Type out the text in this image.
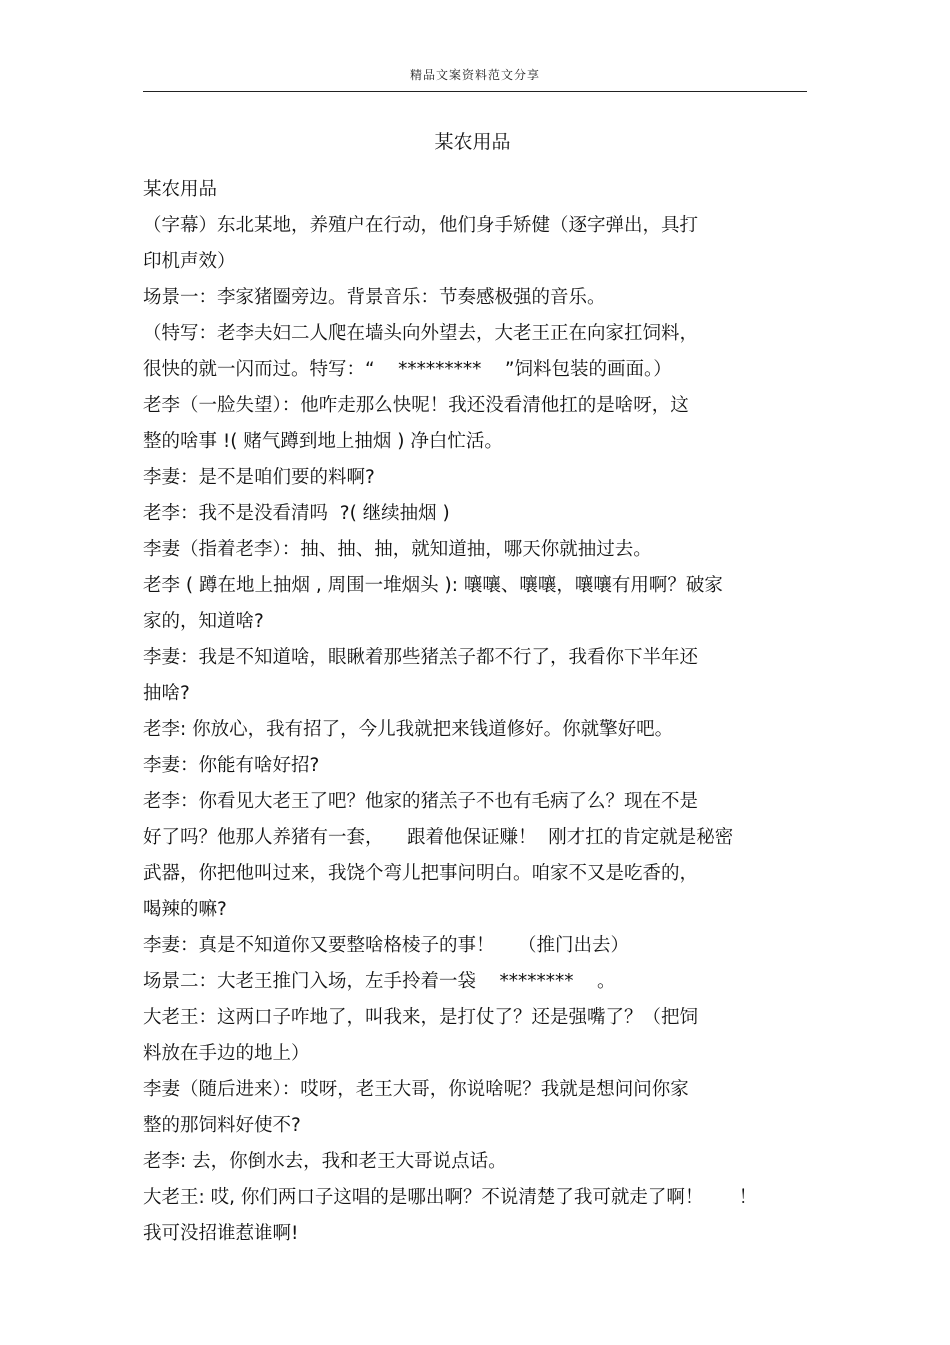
精品文案资料范文分享
某农用品
某农用品
（字幕）东北某地，养殖户在行动，他们身手矫健（逐字弹出，具打
印机声效）
场景一：李家猪圈旁边。背景音乐：节奏感极强的音乐。
（特写：老李夫妇二人爬在墙头向外望去，大老王正在向家扛饲料，
很快的就一闪而过。特写：“    *********    ”饲料包装的画面。）
老李（一脸失望）：他咋走那么快呢！我还没看清他扛的是啥呀，这
整的啥事 !( 赌气蹲到地上抽烟 ) 净白忙活。
李妻：是不是咱们要的料啊?
老李：我不是没看清吗  ?( 继续抽烟 )
李妻（指着老李）：抽、抽、抽，就知道抽，哪天你就抽过去。
老李 ( 蹲在地上抽烟 , 周围一堆烟头 ): 嚷嚷、嚷嚷，嚷嚷有用啊？破家
家的，知道啥?
李妻：我是不知道啥，眼瞅着那些猪羔子都不行了，我看你下半年还
抽啥?
老李: 你放心，我有招了，今儿我就把来钱道修好。你就擎好吧。
李妻：你能有啥好招?
老李：你看见大老王了吧？他家的猪羔子不也有毛病了么？现在不是
好了吗？他那人养猪有一套，    跟着他保证赚！  刚才扛的肯定就是秘密
武器，你把他叫过来，我饶个弯儿把事问明白。咱家不又是吃香的，
喝辣的嘛?
李妻：真是不知道你又要整啥格棱子的事！    （推门出去）
场景二：大老王推门入场，左手拎着一袋    ********    。
大老王：这两口子咋地了，叫我来，是打仗了？还是强嘴了？（把饲
料放在手边的地上）
李妻（随后进来）：哎呀，老王大哥，你说啥呢？我就是想问问你家
整的那饲料好使不?
老李: 去，你倒水去，我和老王大哥说点话。
大老王: 哎, 你们两口子这唱的是哪出啊？不说清楚了我可就走了啊！      ！
我可没招谁惹谁啊!
